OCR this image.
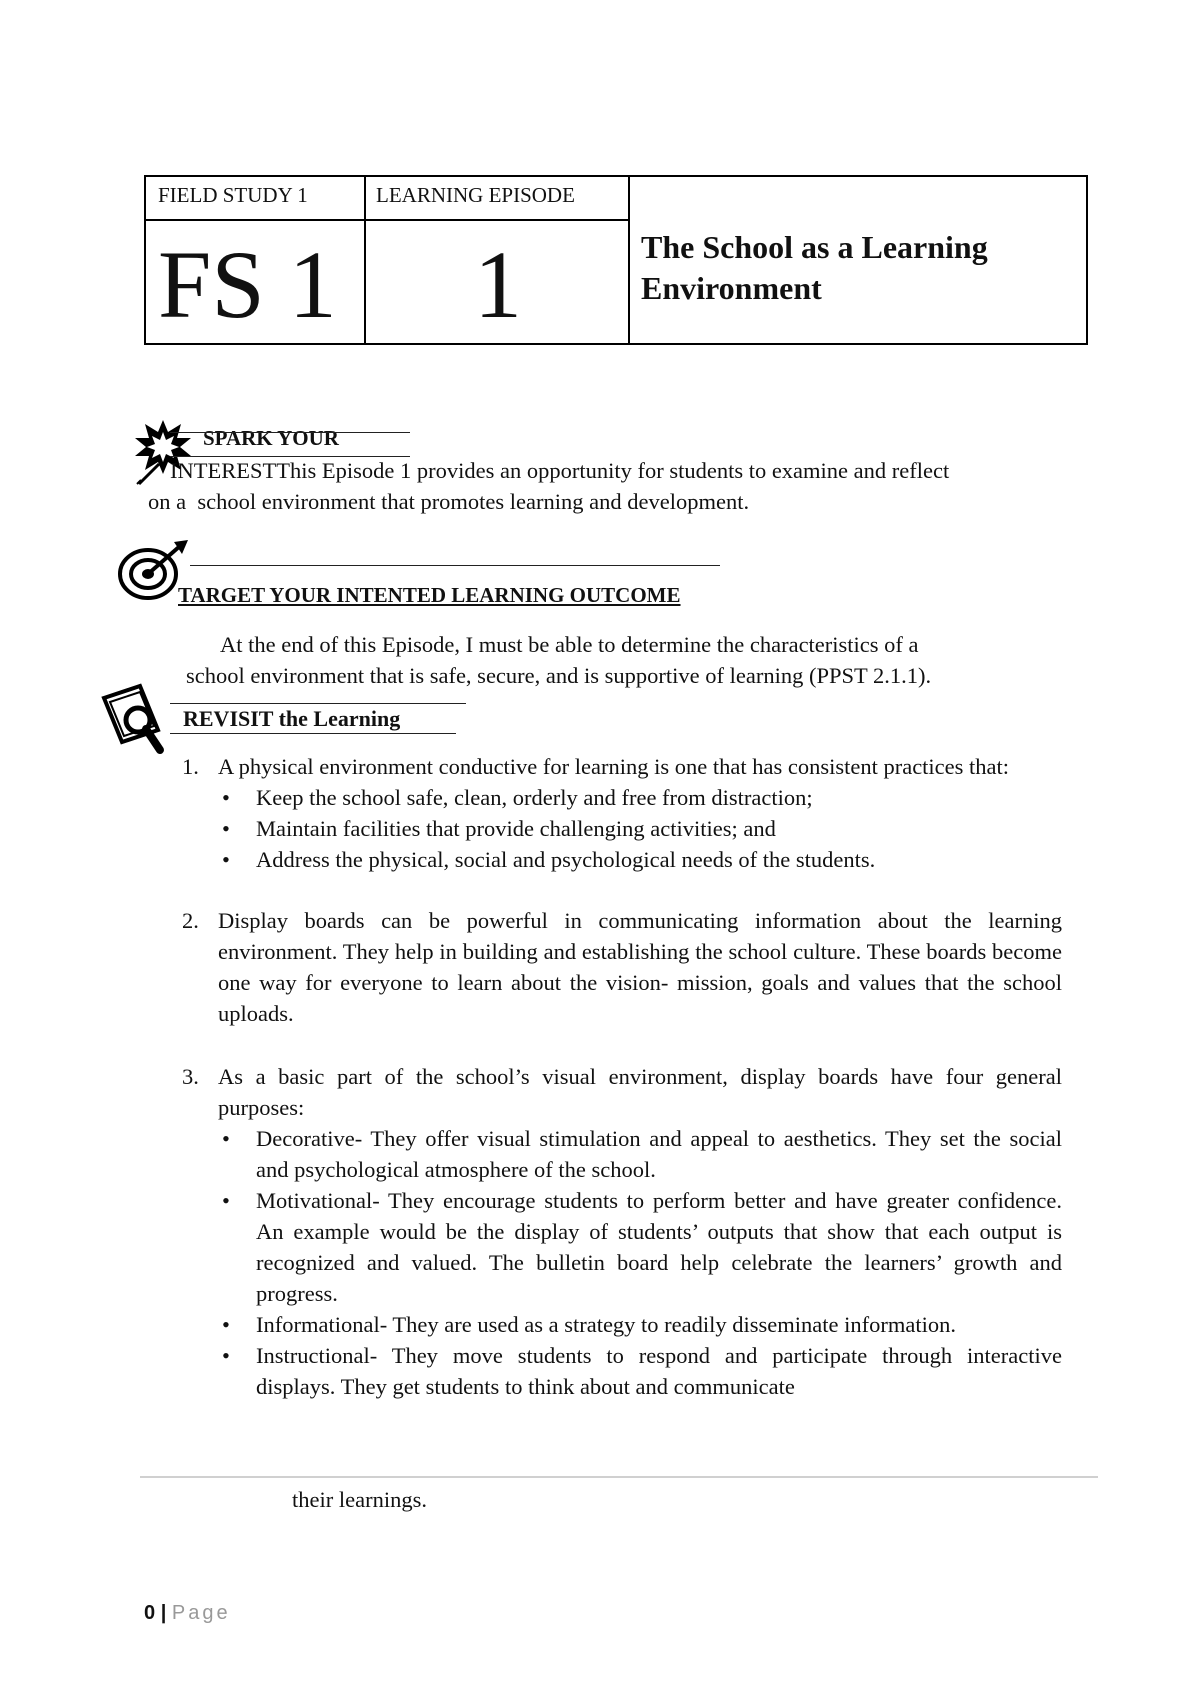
FIELD STUDY 1	LEARNING EPISODE
FS 1 1	The School as a Learning
Environment
SPARK YOUR
INTERESTThis Episode 1 provides an opportunity for students to examine and reflect
on a  school environment that promotes learning and development.
TARGET YOUR INTENTED LEARNING OUTCOME
At the end of this Episode, I must be able to determine the characteristics of a
school environment that is safe, secure, and is supportive of learning (PPST 2.1.1).
REVISIT the Learning
1. A physical environment conductive for learning is one that has consistent practices that:
• Keep the school safe, clean, orderly and free from distraction;
• Maintain facilities that provide challenging activities; and
• Address the physical, social and psychological needs of the students.
2. Display boards can be powerful in communicating information about the learning environment. They help in building and establishing the school culture. These boards become one way for everyone to learn about the vision- mission, goals and values that the school uploads.
3. As a basic part of the school’s visual environment, display boards have four general purposes:
• Decorative- They offer visual stimulation and appeal to aesthetics. They set the social and psychological atmosphere of the school.
• Motivational- They encourage students to perform better and have greater confidence. An example would be the display of students’ outputs that show that each output is recognized and valued. The bulletin board help celebrate the learners’ growth and progress.
• Informational- They are used as a strategy to readily disseminate information.
• Instructional- They move students to respond and participate through interactive displays. They get students to think about and communicate
their learnings.
0 | Page
